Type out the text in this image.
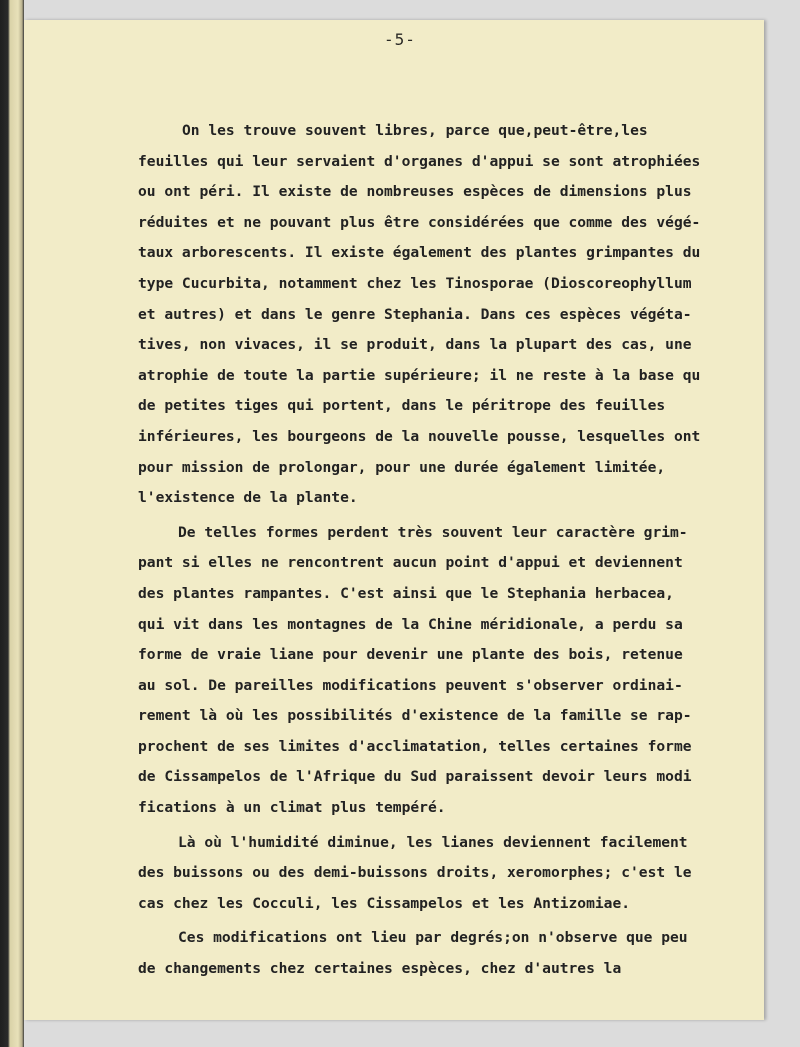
-5-

On les trouve souvent libres, parce que,peut-être,les

feuilles qui leur servaient d'organes d'appui se sont atrophiées

ou ont péri. Il existe de nombreuses espèces de dimensions plus

réduites et ne pouvant plus être considérées que comme des végé-

taux arborescents. Il existe également des plantes grimpantes du

type Cucurbita, notamment chez les Tinosporae (Dioscoreophyllum

et autres) et dans le genre Stephania. Dans ces espèces végéta-

tives, non vivaces, il se produit, dans la plupart des cas, une

atrophie de toute la partie supérieure; il ne reste à la base qu

de petites tiges qui portent, dans le péritrope des feuilles

inférieures, les bourgeons de la nouvelle pousse, lesquelles ont

pour mission de prolongar, pour une durée également limitée,

l'existence de la plante.

De telles formes perdent très souvent leur caractère grim-

pant si elles ne rencontrent aucun point d'appui et deviennent

des plantes rampantes. C'est ainsi que le Stephania herbacea,

qui vit dans les montagnes de la Chine méridionale, a perdu sa

forme de vraie liane pour devenir une plante des bois, retenue

au sol. De pareilles modifications peuvent s'observer ordinai-

rement là où les possibilités d'existence de la famille se rap-

prochent de ses limites d'acclimatation, telles certaines forme

de Cissampelos de l'Afrique du Sud paraissent devoir leurs modi

fications à un climat plus tempéré.

Là où l'humidité diminue, les lianes deviennent facilement

des buissons ou des demi-buissons droits, xeromorphes; c'est le

cas chez les Cocculi, les Cissampelos et les Antizomiae.

Ces modifications ont lieu par degrés;on n'observe que peu

de changements chez certaines espèces, chez d'autres la
